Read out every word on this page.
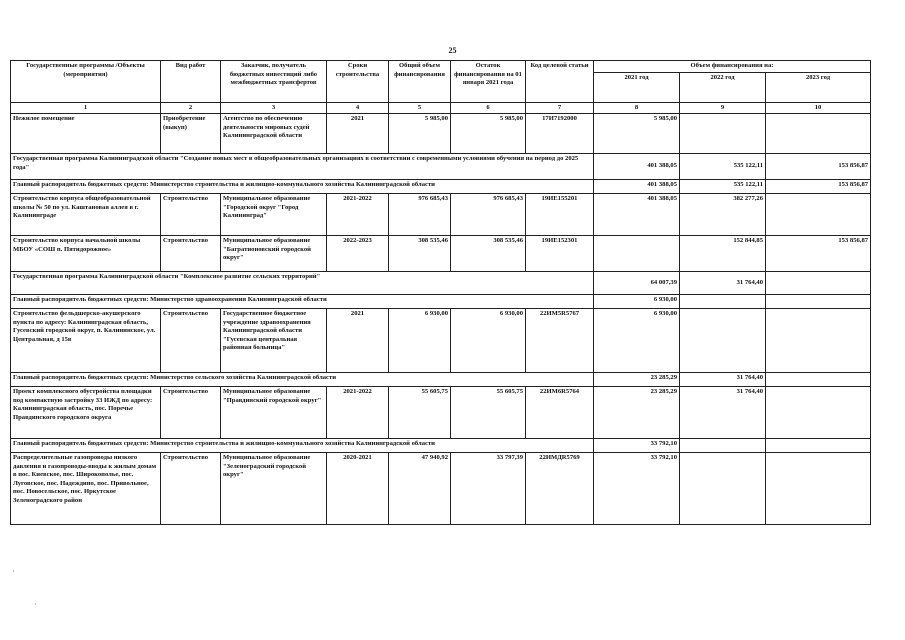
25
Государственные программы /Объекты (мероприятия)	Вид работ	Заказчик, получатель бюджетных инвестиций либо межбюджетных трансфертов	Сроки строительства	Общий объем финансирования	Остаток финансирования на 01 января 2021 года	Код целевой статьи	Объем финансирования на:		
							2021 год	2022 год	2023 год
1	2	3	4	5	6	7	8	9	10
Нежилое помещение	Приобретение (выкуп)	Агентство по обеспечению деятельности мировых судей Калининградской области	2021	5 985,00	5 985,00	17И7192000	5 985,00		
Государственная программа Калининградской области "Создание новых мест в общеобразовательных организациях в соответствии с современными условиями обучения на период до 2025 года"							401 388,05	535 122,11	153 856,87
Главный распорядитель бюджетных средств: Министерство строительства и жилищно-коммунального хозяйства Калининградской области							401 388,05	535 122,11	153 856,87
Строительство корпуса общеобразовательной школы № 50 по ул. Каштановая аллея в г. Калининграде	Строительство	Муниципальное образование "Городской округ "Город Калининград"	2021-2022	976 685,43	976 685,43	19ИЕ155201	401 388,05	382 277,26	
Строительство корпуса начальной школы МБОУ «СОШ п. Пятидорожное»	Строительство	Муниципальное образование "Багратионовский городской округ"	2022-2023	308 535,46	308 535,46	19ИЕ152301		152 844,85	153 856,87
Государственная программа Калининградской области "Комплексное развитие сельских территорий"							64 007,39	31 764,40	
Главный распорядитель бюджетных средств: Министерство здравоохранения Калининградской области							6 930,00		
Строительство фельдшерско-акушерского пункта по адресу: Калининградская область, Гусевский городской округ, п. Калининское, ул. Центральная, д 15в	Строительство	Государственное бюджетное учреждение здравоохранения Калининградской области "Гусевская центральная районная больница"	2021	6 930,00	6 930,00	22ИМ5R5767	6 930,00		
Главный распорядитель бюджетных средств: Министерство сельского хозяйства Калининградской области							23 285,29	31 764,40	
Проект комплексного обустройства площадки под компактную застройку 33 ИЖД по адресу: Калининградская область, пос. Поречье Правдинского городского округа	Строительство	Муниципальное образование "Правдинский городской округ"	2021-2022	55 605,75	55 605,75	22ИМ6R5764	23 285,29	31 764,40	
Главный распорядитель бюджетных средств: Министерство строительства и жилищно-коммунального хозяйства Калининградской области							33 792,10		
Распределительные газопроводы низкого давления и газопроводы-вводы к жилым домам в пос. Киевское, пос. Широкополье, пос. Луговское, пос. Надеждино, пос. Привольное, пос. Новосельское, пос. Иркутское Зеленоградского район	Строительство	Муниципальное образование "Зеленоградский городской округ"	2020-2021	47 940,92	33 797,39	22ИМДR5769	33 792,10		
·
·
